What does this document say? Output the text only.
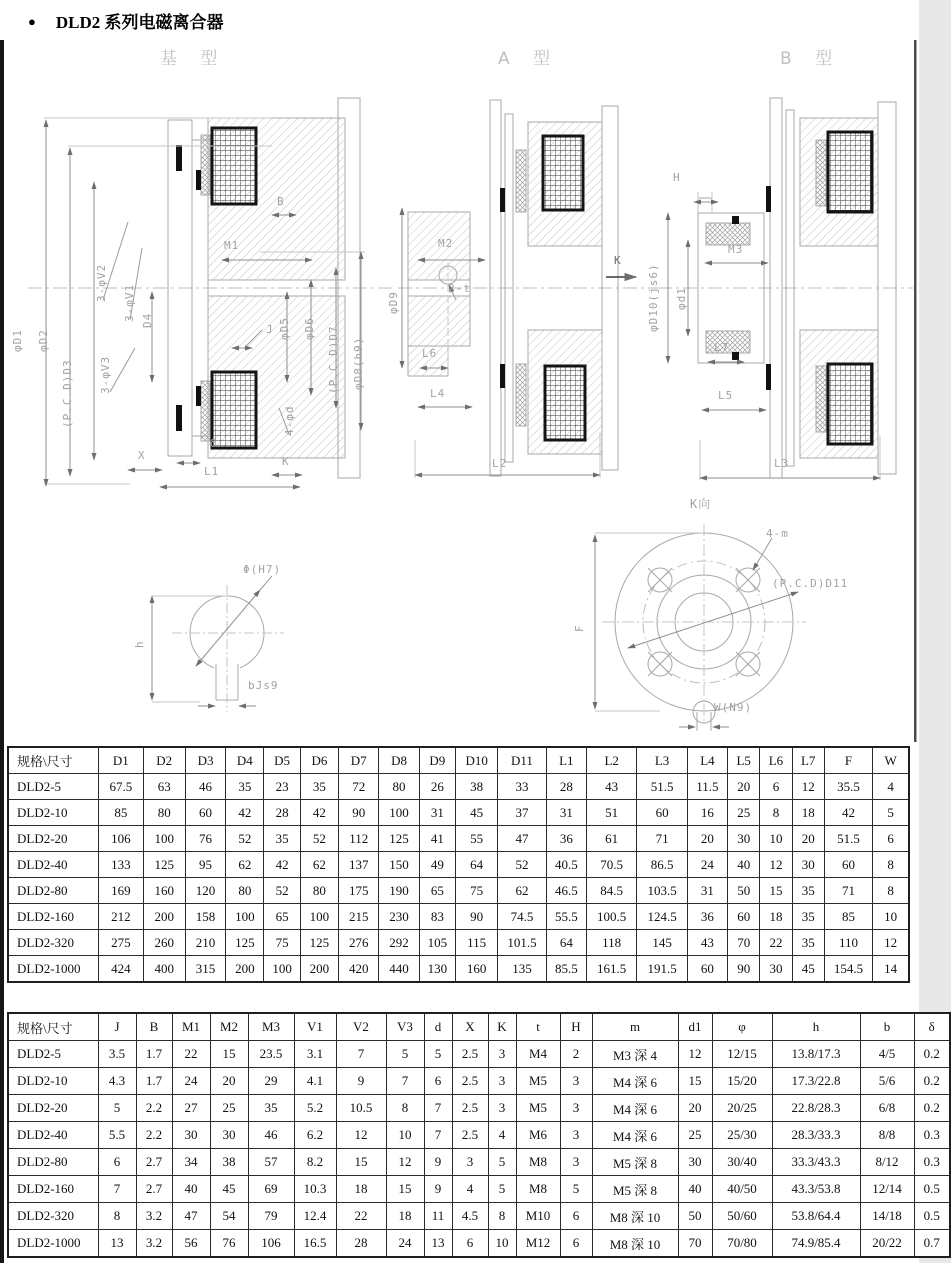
● DLD2 系列电磁离合器
基 型	A 型	B 型
φD1 φD2
(P.C.D)D3
3-φV2
3-φV1 D4
B
M1
φD5 φD6 (P.C.D)D7 φD8(h9)
3-φV3
J
4-φd
δ
X	K
L1
φD9
M2
2-t
L6
L4
L2
K
H
φD10(js6) φd1
M3
L7
L5
L3
Φ(H7)
h
bJs9
K向
4-m
(P.C.D)D11
F
W(N9)
规格\尺寸	D1	D2	D3	D4	D5	D6	D7	D8	D9	D10	D11	L1	L2	L3	L4	L5	L6	L7	F	W
DLD2-5	67.5	63	46	35	23	35	72	80	26	38	33	28	43	51.5	11.5	20	6	12	35.5	4
DLD2-10	85	80	60	42	28	42	90	100	31	45	37	31	51	60	16	25	8	18	42	5
DLD2-20	106	100	76	52	35	52	112	125	41	55	47	36	61	71	20	30	10	20	51.5	6
DLD2-40	133	125	95	62	42	62	137	150	49	64	52	40.5	70.5	86.5	24	40	12	30	60	8
DLD2-80	169	160	120	80	52	80	175	190	65	75	62	46.5	84.5	103.5	31	50	15	35	71	8
DLD2-160	212	200	158	100	65	100	215	230	83	90	74.5	55.5	100.5	124.5	36	60	18	35	85	10
DLD2-320	275	260	210	125	75	125	276	292	105	115	101.5	64	118	145	43	70	22	35	110	12
DLD2-1000	424	400	315	200	100	200	420	440	130	160	135	85.5	161.5	191.5	60	90	30	45	154.5	14
规格\尺寸	J	B	M1	M2	M3	V1	V2	V3	d	X	K	t	H	m	d1	φ	h	b	δ
DLD2-5	3.5	1.7	22	15	23.5	3.1	7	5	5	2.5	3	M4	2	M3 深 4	12	12/15	13.8/17.3	4/5	0.2
DLD2-10	4.3	1.7	24	20	29	4.1	9	7	6	2.5	3	M5	3	M4 深 6	15	15/20	17.3/22.8	5/6	0.2
DLD2-20	5	2.2	27	25	35	5.2	10.5	8	7	2.5	3	M5	3	M4 深 6	20	20/25	22.8/28.3	6/8	0.2
DLD2-40	5.5	2.2	30	30	46	6.2	12	10	7	2.5	4	M6	3	M4 深 6	25	25/30	28.3/33.3	8/8	0.3
DLD2-80	6	2.7	34	38	57	8.2	15	12	9	3	5	M8	3	M5 深 8	30	30/40	33.3/43.3	8/12	0.3
DLD2-160	7	2.7	40	45	69	10.3	18	15	9	4	5	M8	5	M5 深 8	40	40/50	43.3/53.8	12/14	0.5
DLD2-320	8	3.2	47	54	79	12.4	22	18	11	4.5	8	M10	6	M8 深 10	50	50/60	53.8/64.4	14/18	0.5
DLD2-1000	13	3.2	56	76	106	16.5	28	24	13	6	10	M12	6	M8 深 10	70	70/80	74.9/85.4	20/22	0.7
